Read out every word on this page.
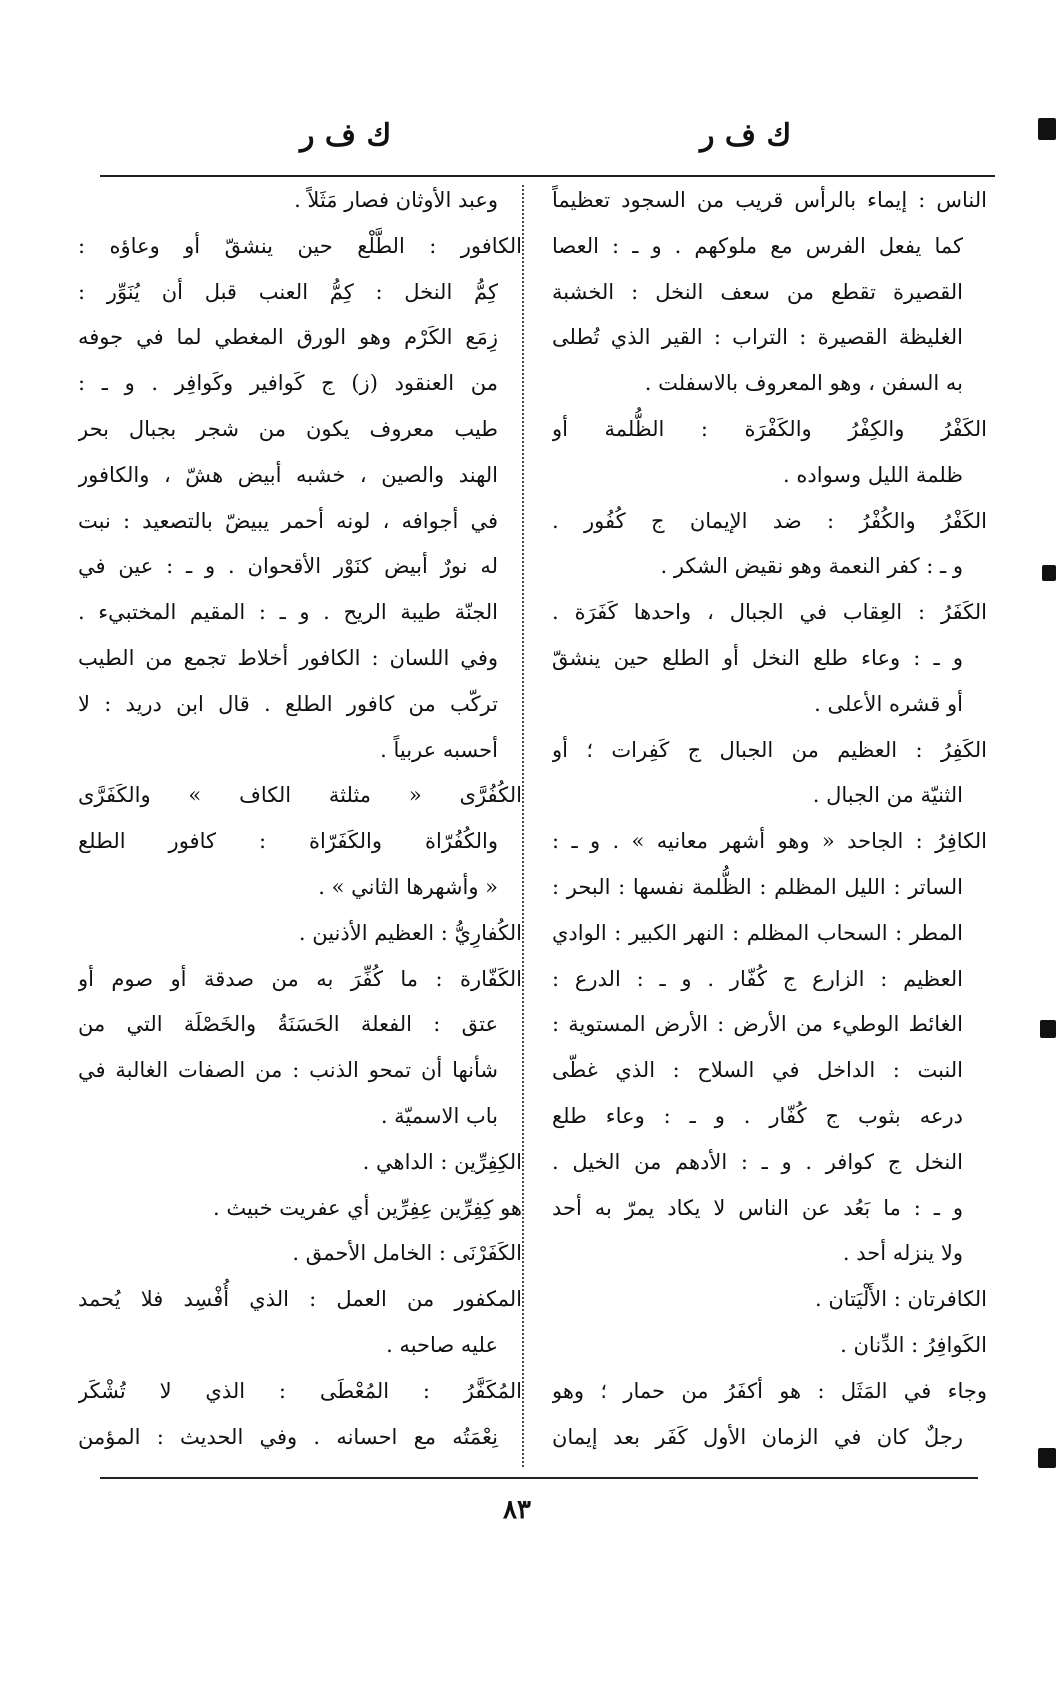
ك ف ر
ك ف ر
الناس : إيماء بالرأس قريب من السجود تعظيماً
كما يفعل الفرس مع ملوكهم . و ـ : العصا
القصيرة تقطع من سعف النخل : الخشبة
الغليظة القصيرة : التراب : القير الذي تُطلى
به السفن ، وهو المعروف بالاسفلت .
الكَفْرُ والكِفْرُ والكَفْرَة : الظُّلمة أو
ظلمة الليل وسواده .
الكَفْرُ والكُفْرُ : ضد الإيمان ج كُفُور .
و ـ : كفر النعمة وهو نقيض الشكر .
الكَفَرُ : العِقاب في الجبال ، واحدها كَفَرَة .
و ـ : وعاء طلع النخل أو الطلع حين ينشقّ
أو قشره الأعلى .
الكَفِرُ : العظيم من الجبال ج كَفِرات ؛ أو
الثنيّة من الجبال .
الكافِرُ : الجاحد « وهو أشهر معانيه » . و ـ :
الساتر : الليل المظلم : الظُّلمة نفسها : البحر :
المطر : السحاب المظلم : النهر الكبير : الوادي
العظيم : الزارع ج كُفّار . و ـ : الدرع :
الغائط الوطيء من الأرض : الأرض المستوية :
النبت : الداخل في السلاح : الذي غطّى
درعه بثوب ج كُفّار . و ـ : وعاء طلع
النخل ج كوافر . و ـ : الأدهم من الخيل .
و ـ : ما بَعُد عن الناس لا يكاد يمرّ به أحد
ولا ينزله أحد .
الكافرتان : الأَلْيَتان .
الكَوافِرُ : الدِّنان .
وجاء في المَثَل : هو أكفَرُ من حمار ؛ وهو
رجلٌ كان في الزمان الأول كَفَر بعد إيمان
وعبد الأوثان فصار مَثَلاً .
الكافور : الطَّلْع حين ينشقّ أو وعاؤه :
كِمُّ النخل : كِمُّ العنب قبل أن يُنَوِّر :
زِمَع الكَرْم وهو الورق المغطي لما في جوفه
من العنقود (ز) ج كَوافير وكَوافِر . و ـ :
طيب معروف يكون من شجر بجبال بحر
الهند والصين ، خشبه أبيض هشّ ، والكافور
في أجوافه ، لونه أحمر يبيضّ بالتصعيد : نبت
له نورٌ أبيض كنَوْر الأقحوان . و ـ : عين في
الجنّة طيبة الريح . و ـ : المقيم المختبيء .
وفي اللسان : الكافور أخلاط تجمع من الطيب
تركّب من كافور الطلع . قال ابن دريد : لا
أحسبه عربياً .
الكُفُرَّى « مثلثة الكاف » والكَفَرَّى
والكُفُرّاة والكَفَرّاة : كافور الطلع
« وأشهرها الثاني » .
الكُفارِيُّ : العظيم الأذنين .
الكَفّارة : ما كُفِّرَ به من صدقة أو صوم أو
عتق : الفعلة الحَسَنَةُ والخَصْلَة التي من
شأنها أن تمحو الذنب : من الصفات الغالبة في
باب الاسميّة .
الكِفِرِّين : الداهي .
هو كِفِرِّين عِفِرِّين أي عفريت خبيث .
الكَفَرْنَى : الخامل الأحمق .
المكفور من العمل : الذي أُفْسِد فلا يُحمد
عليه صاحبه .
المُكَفَّرُ : المُعْطَى : الذي لا تُشْكَر
نِعْمَتُه مع احسانه . وفي الحديث : المؤمن
٨٣
